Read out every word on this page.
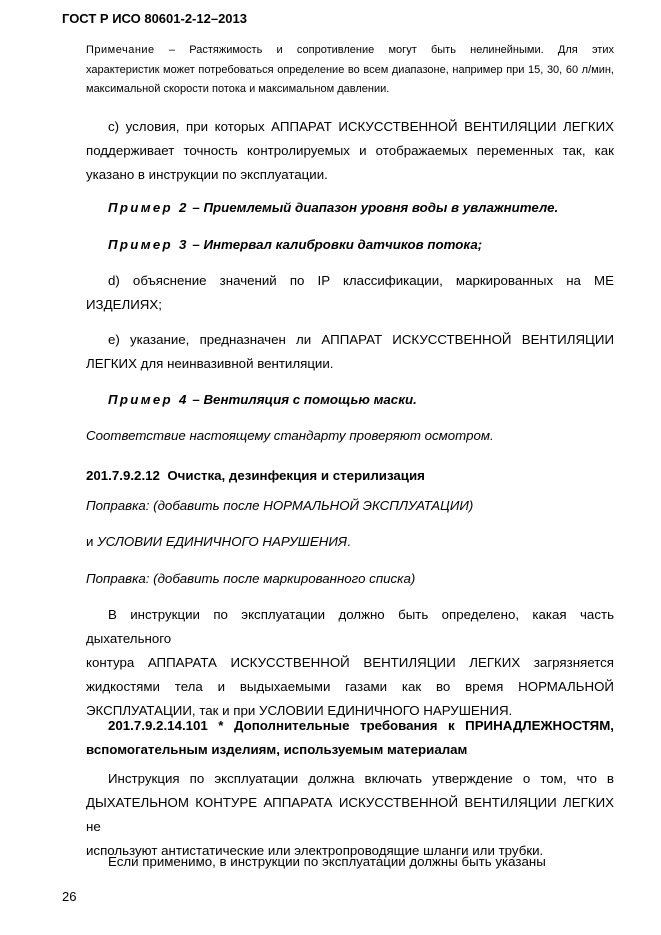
ГОСТ Р ИСО 80601-2-12–2013

Примечание – Растяжимость и сопротивление могут быть нелинейными. Для этих

характеристик может потребоваться определение во всем диапазоне, например при 15, 30, 60 л/мин,

максимальной скорости потока и максимальном давлении.

с) условия, при которых АППАРАТ ИСКУССТВЕННОЙ ВЕНТИЛЯЦИИ ЛЕГКИХ

поддерживает точность контролируемых и отображаемых переменных так, как

указано в инструкции по эксплуатации.

Пример 2 – Приемлемый диапазон уровня воды в увлажнителе.
Пример 3 – Интервал калибровки датчиков потока;

d) объяснение значений по IP классификации, маркированных на МЕ

ИЗДЕЛИЯХ;

е) указание, предназначен ли АППАРАТ ИСКУССТВЕННОЙ ВЕНТИЛЯЦИИ

ЛЕГКИХ для неинвазивной вентиляции.

Пример 4 – Вентиляция с помощью маски.
Соответствие настоящему стандарту проверяют осмотром.
201.7.9.2.12 Очистка, дезинфекция и стерилизация
Поправка: (добавить после НОРМАЛЬНОЙ ЭКСПЛУАТАЦИИ)
и УСЛОВИИ ЕДИНИЧНОГО НАРУШЕНИЯ.
Поправка: (добавить после маркированного списка)

В инструкции по эксплуатации должно быть определено, какая часть дыхательного

контура АППАРАТА ИСКУССТВЕННОЙ ВЕНТИЛЯЦИИ ЛЕГКИХ загрязняется

жидкостями тела и выдыхаемыми газами как во время НОРМАЛЬНОЙ

ЭКСПЛУАТАЦИИ, так и при УСЛОВИИ ЕДИНИЧНОГО НАРУШЕНИЯ.

201.7.9.2.14.101 * Дополнительные требования к ПРИНАДЛЕЖНОСТЯМ,

вспомогательным изделиям, используемым материалам

Инструкция по эксплуатации должна включать утверждение о том, что в

ДЫХАТЕЛЬНОМ КОНТУРЕ АППАРАТА ИСКУССТВЕННОЙ ВЕНТИЛЯЦИИ ЛЕГКИХ не

используют антистатические или электропроводящие шланги или трубки.

Если применимо, в инструкции по эксплуатации должны быть указаны
26
